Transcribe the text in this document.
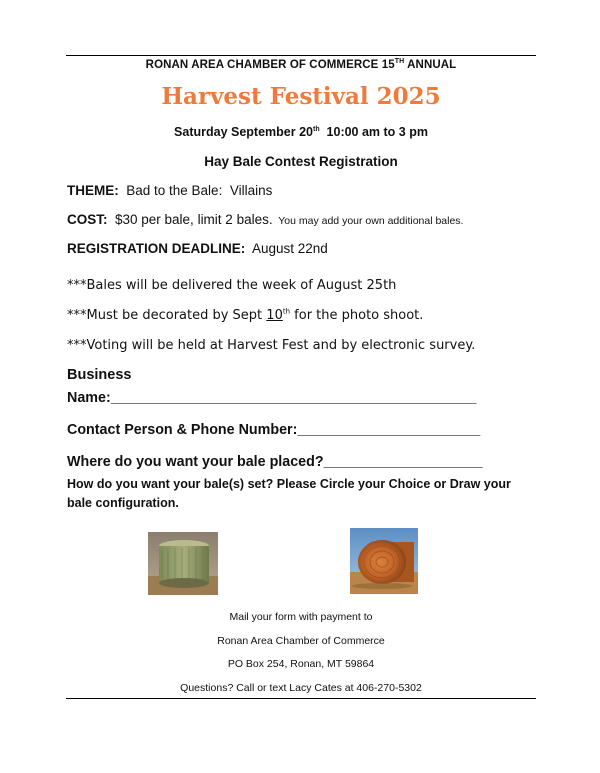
RONAN AREA CHAMBER OF COMMERCE 15TH ANNUAL
Harvest Festival 2025
Saturday September 20th  10:00 am to 3 pm
Hay Bale Contest Registration
THEME:  Bad to the Bale:  Villains
COST:  $30 per bale, limit 2 bales.  You may add your own additional bales.
REGISTRATION DEADLINE:  August 22nd
***Bales will be delivered the week of August 25th
***Must be decorated by Sept 10th for the photo shoot.
***Voting will be held at Harvest Fest and by electronic survey.
Business
Name:______________________________________________
Contact Person & Phone Number:_______________________
Where do you want your bale placed?____________________
How do you want your bale(s) set? Please Circle your Choice or Draw your bale configuration.
Mail your form with payment to
Ronan Area Chamber of Commerce
PO Box 254, Ronan, MT 59864
Questions? Call or text Lacy Cates at 406-270-5302
